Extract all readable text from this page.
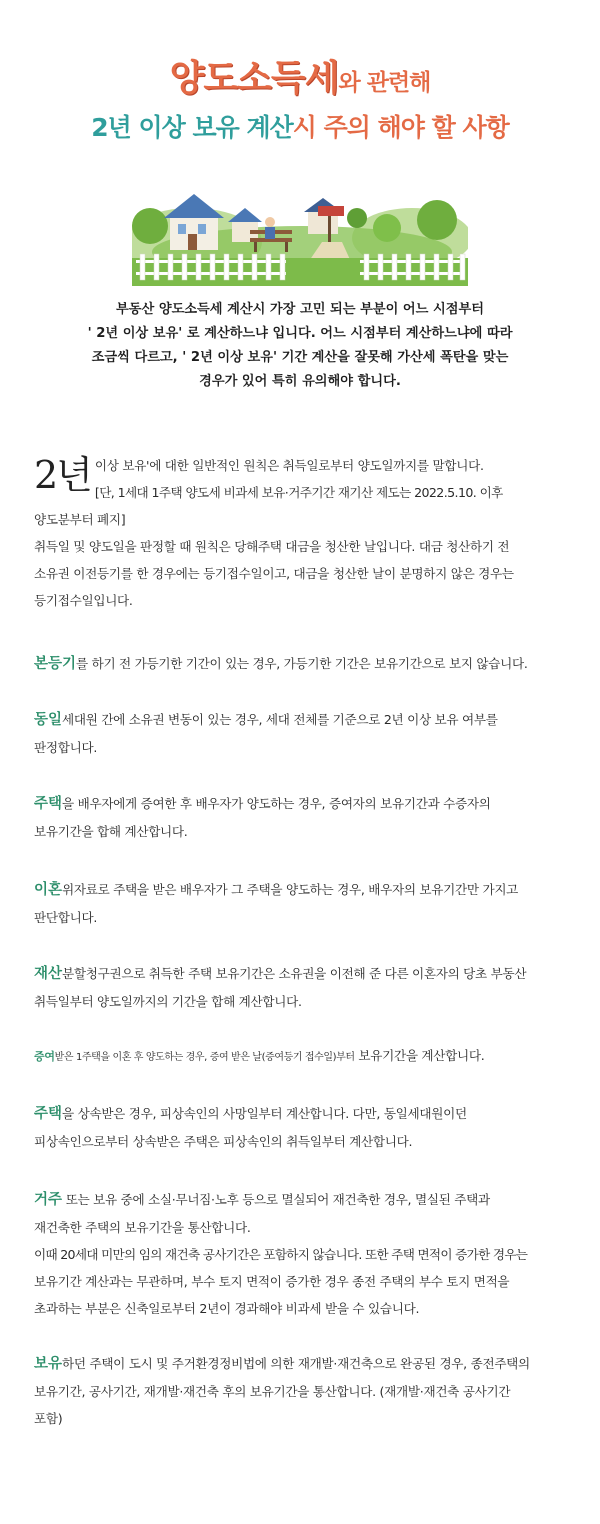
양도소득세와 관련해
2년 이상 보유 계산시 주의 해야 할 사항

부동산 양도소득세 계산시 가장 고민 되는 부분이 어느 시점부터

' 2년 이상 보유' 로 계산하느냐 입니다. 어느 시점부터 계산하느냐에 따라

조금씩 다르고, ' 2년 이상 보유' 기간 계산을 잘못해 가산세 폭탄을 맞는

경우가 있어 특히 유의해야 합니다.

2년 이상 보유'에 대한 일반적인 원칙은 취득일로부터 양도일까지를 말합니다.
[단, 1세대 1주택 양도세 비과세 보유·거주기간 재기산 제도는 2022.5.10. 이후
양도분부터 폐지]
취득일 및 양도일을 판정할 때 원칙은 당해주택 대금을 청산한 날입니다. 대금 청산하기 전
소유권 이전등기를 한 경우에는 등기접수일이고, 대금을 청산한 날이 분명하지 않은 경우는
등기접수일입니다.
본등기를 하기 전 가등기한 기간이 있는 경우, 가등기한 기간은 보유기간으로 보지 않습니다.
동일세대원 간에 소유권 변동이 있는 경우, 세대 전체를 기준으로 2년 이상 보유 여부를
판정합니다.
주택을 배우자에게 증여한 후 배우자가 양도하는 경우, 증여자의 보유기간과 수증자의
보유기간을 합해 계산합니다.
이혼위자료로 주택을 받은 배우자가 그 주택을 양도하는 경우, 배우자의 보유기간만 가지고
판단합니다.
재산분할청구권으로 취득한 주택 보유기간은 소유권을 이전해 준 다른 이혼자의 당초 부동산
취득일부터 양도일까지의 기간을 합해 계산합니다.
증여받은 1주택을 이혼 후 양도하는 경우, 증여 받은 날(증여등기 접수일)부터 보유기간을 계산합니다.
주택을 상속받은 경우, 피상속인의 사망일부터 계산합니다. 다만, 동일세대원이던
피상속인으로부터 상속받은 주택은 피상속인의 취득일부터 계산합니다.
거주 또는 보유 중에 소실·무너짐·노후 등으로 멸실되어 재건축한 경우, 멸실된 주택과
재건축한 주택의 보유기간을 통산합니다.
이때 20세대 미만의 임의 재건축 공사기간은 포함하지 않습니다. 또한 주택 면적이 증가한 경우는
보유기간 계산과는 무관하며, 부수 토지 면적이 증가한 경우 종전 주택의 부수 토지 면적을
초과하는 부분은 신축일로부터 2년이 경과해야 비과세 받을 수 있습니다.
보유하던 주택이 도시 및 주거환경정비법에 의한 재개발·재건축으로 완공된 경우, 종전주택의
보유기간, 공사기간, 재개발·재건축 후의 보유기간을 통산합니다. (재개발·재건축 공사기간
포함)
